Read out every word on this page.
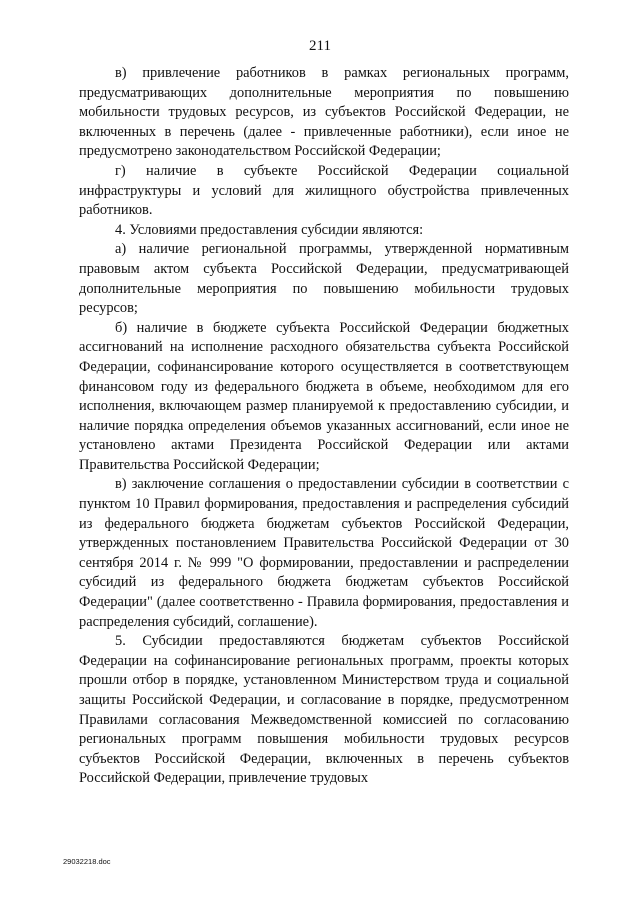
211

в) привлечение работников в рамках региональных программ, предусматривающих дополнительные мероприятия по повышению мобильности трудовых ресурсов, из субъектов Российской Федерации, не включенных в перечень (далее - привлеченные работники), если иное не предусмотрено законодательством Российской Федерации;

г) наличие в субъекте Российской Федерации социальной инфраструктуры и условий для жилищного обустройства привлеченных работников.

4. Условиями предоставления субсидии являются:

а) наличие региональной программы, утвержденной нормативным правовым актом субъекта Российской Федерации, предусматривающей дополнительные мероприятия по повышению мобильности трудовых ресурсов;

б) наличие в бюджете субъекта Российской Федерации бюджетных ассигнований на исполнение расходного обязательства субъекта Российской Федерации, софинансирование которого осуществляется в соответствующем финансовом году из федерального бюджета в объеме, необходимом для его исполнения, включающем размер планируемой к предоставлению субсидии, и наличие порядка определения объемов указанных ассигнований, если иное не установлено актами Президента Российской Федерации или актами Правительства Российской Федерации;

в) заключение соглашения о предоставлении субсидии в соответствии с пунктом 10 Правил формирования, предоставления и распределения субсидий из федерального бюджета бюджетам субъектов Российской Федерации, утвержденных постановлением Правительства Российской Федерации от 30 сентября 2014 г. № 999 "О формировании, предоставлении и распределении субсидий из федерального бюджета бюджетам субъектов Российской Федерации" (далее соответственно - Правила формирования, предоставления и распределения субсидий, соглашение).

5. Субсидии предоставляются бюджетам субъектов Российской Федерации на софинансирование региональных программ, проекты которых прошли отбор в порядке, установленном Министерством труда и социальной защиты Российской Федерации, и согласование в порядке, предусмотренном Правилами согласования Межведомственной комиссией по согласованию региональных программ повышения мобильности трудовых ресурсов субъектов Российской Федерации, включенных в перечень субъектов Российской Федерации, привлечение трудовых

29032218.doc
